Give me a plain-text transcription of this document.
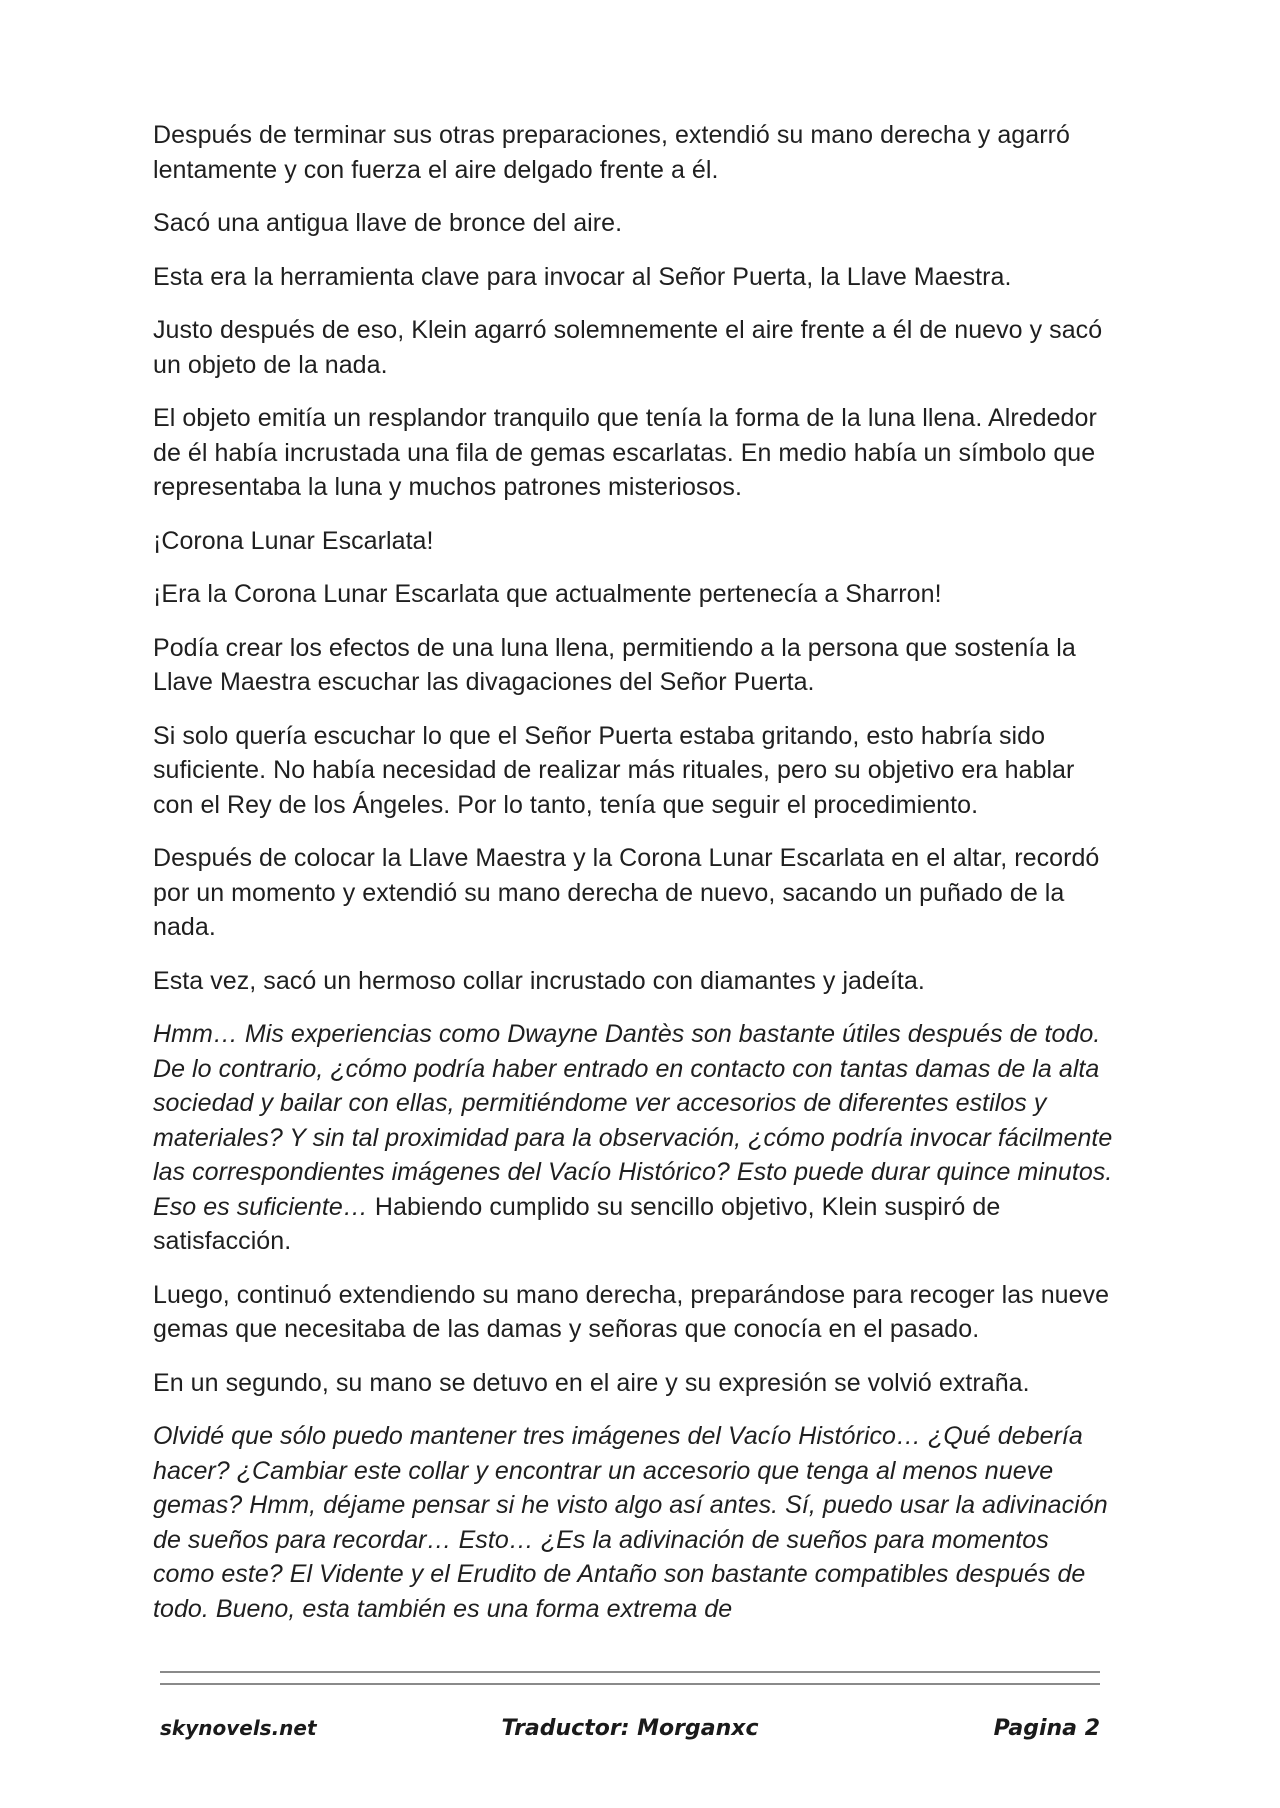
Después de terminar sus otras preparaciones, extendió su mano derecha y agarró lentamente y con fuerza el aire delgado frente a él.

Sacó una antigua llave de bronce del aire.

Esta era la herramienta clave para invocar al Señor Puerta, la Llave Maestra.

Justo después de eso, Klein agarró solemnemente el aire frente a él de nuevo y sacó un objeto de la nada.

El objeto emitía un resplandor tranquilo que tenía la forma de la luna llena. Alrededor de él había incrustada una fila de gemas escarlatas. En medio había un símbolo que representaba la luna y muchos patrones misteriosos.

¡Corona Lunar Escarlata!

¡Era la Corona Lunar Escarlata que actualmente pertenecía a Sharron!

Podía crear los efectos de una luna llena, permitiendo a la persona que sostenía la Llave Maestra escuchar las divagaciones del Señor Puerta.

Si solo quería escuchar lo que el Señor Puerta estaba gritando, esto habría sido suficiente. No había necesidad de realizar más rituales, pero su objetivo era hablar con el Rey de los Ángeles. Por lo tanto, tenía que seguir el procedimiento.

Después de colocar la Llave Maestra y la Corona Lunar Escarlata en el altar, recordó por un momento y extendió su mano derecha de nuevo, sacando un puñado de la nada.

Esta vez, sacó un hermoso collar incrustado con diamantes y jadeíta.

Hmm… Mis experiencias como Dwayne Dantès son bastante útiles después de todo. De lo contrario, ¿cómo podría haber entrado en contacto con tantas damas de la alta sociedad y bailar con ellas, permitiéndome ver accesorios de diferentes estilos y materiales? Y sin tal proximidad para la observación, ¿cómo podría invocar fácilmente las correspondientes imágenes del Vacío Histórico? Esto puede durar quince minutos. Eso es suficiente… Habiendo cumplido su sencillo objetivo, Klein suspiró de satisfacción.

Luego, continuó extendiendo su mano derecha, preparándose para recoger las nueve gemas que necesitaba de las damas y señoras que conocía en el pasado.

En un segundo, su mano se detuvo en el aire y su expresión se volvió extraña.

Olvidé que sólo puedo mantener tres imágenes del Vacío Histórico… ¿Qué debería hacer? ¿Cambiar este collar y encontrar un accesorio que tenga al menos nueve gemas? Hmm, déjame pensar si he visto algo así antes. Sí, puedo usar la adivinación de sueños para recordar… Esto… ¿Es la adivinación de sueños para momentos como este? El Vidente y el Erudito de Antaño son bastante compatibles después de todo. Bueno, esta también es una forma extrema de

skynovels.net	Traductor: Morganxc	Pagina 2
